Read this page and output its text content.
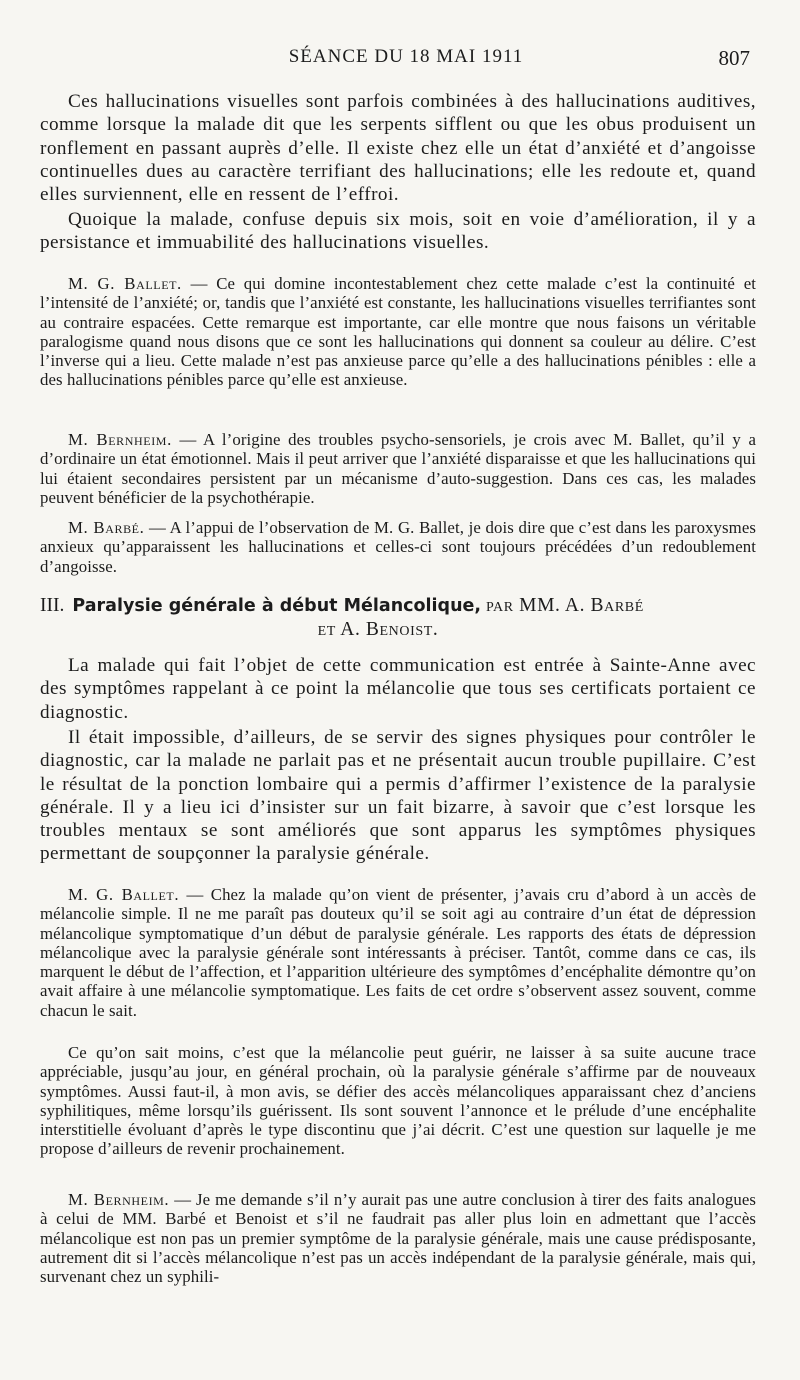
SÉANCE DU 18 MAI 1911	807

Ces hallucinations visuelles sont parfois combinées à des hallucinations auditives, comme lorsque la malade dit que les serpents sifflent ou que les obus produisent un ronflement en passant auprès d’elle. Il existe chez elle un état d’anxiété et d’angoisse continuelles dues au caractère terrifiant des hallucinations; elle les redoute et, quand elles surviennent, elle en ressent de l’effroi.

Quoique la malade, confuse depuis six mois, soit en voie d’amélioration, il y a persistance et immuabilité des hallucinations visuelles.

M. G. Ballet. — Ce qui domine incontestablement chez cette malade c’est la continuité et l’intensité de l’anxiété; or, tandis que l’anxiété est constante, les hallucinations visuelles terrifiantes sont au contraire espacées. Cette remarque est importante, car elle montre que nous faisons un véritable paralogisme quand nous disons que ce sont les hallucinations qui donnent sa couleur au délire. C’est l’inverse qui a lieu. Cette malade n’est pas anxieuse parce qu’elle a des hallucinations pénibles : elle a des hallucinations pénibles parce qu’elle est anxieuse.

M. Bernheim. — A l’origine des troubles psycho-sensoriels, je crois avec M. Ballet, qu’il y a d’ordinaire un état émotionnel. Mais il peut arriver que l’anxiété disparaisse et que les hallucinations qui lui étaient secondaires persistent par un mécanisme d’auto-suggestion. Dans ces cas, les malades peuvent bénéficier de la psychothérapie.

M. Barbé. — A l’appui de l’observation de M. G. Ballet, je dois dire que c’est dans les paroxysmes anxieux qu’apparaissent les hallucinations et celles-ci sont toujours précédées d’un redoublement d’angoisse.

III. Paralysie générale à début Mélancolique, par MM. A. Barbé
et A. Benoist.

La malade qui fait l’objet de cette communication est entrée à Sainte-Anne avec des symptômes rappelant à ce point la mélancolie que tous ses certificats portaient ce diagnostic.

Il était impossible, d’ailleurs, de se servir des signes physiques pour contrôler le diagnostic, car la malade ne parlait pas et ne présentait aucun trouble pupillaire. C’est le résultat de la ponction lombaire qui a permis d’affirmer l’existence de la paralysie générale. Il y a lieu ici d’insister sur un fait bizarre, à savoir que c’est lorsque les troubles mentaux se sont améliorés que sont apparus les symptômes physiques permettant de soupçonner la paralysie générale.

M. G. Ballet. — Chez la malade qu’on vient de présenter, j’avais cru d’abord à un accès de mélancolie simple. Il ne me paraît pas douteux qu’il se soit agi au contraire d’un état de dépression mélancolique symptomatique d’un début de paralysie générale. Les rapports des états de dépression mélancolique avec la paralysie générale sont intéressants à préciser. Tantôt, comme dans ce cas, ils marquent le début de l’affection, et l’apparition ultérieure des symptômes d’encéphalite démontre qu’on avait affaire à une mélancolie symptomatique. Les faits de cet ordre s’observent assez souvent, comme chacun le sait.

Ce qu’on sait moins, c’est que la mélancolie peut guérir, ne laisser à sa suite aucune trace appréciable, jusqu’au jour, en général prochain, où la paralysie générale s’affirme par de nouveaux symptômes. Aussi faut-il, à mon avis, se défier des accès mélancoliques apparaissant chez d’anciens syphilitiques, même lorsqu’ils guérissent. Ils sont souvent l’annonce et le prélude d’une encéphalite interstitielle évoluant d’après le type discontinu que j’ai décrit. C’est une question sur laquelle je me propose d’ailleurs de revenir prochainement.

M. Bernheim. — Je me demande s’il n’y aurait pas une autre conclusion à tirer des faits analogues à celui de MM. Barbé et Benoist et s’il ne faudrait pas aller plus loin en admettant que l’accès mélancolique est non pas un premier symptôme de la paralysie générale, mais une cause prédisposante, autrement dit si l’accès mélancolique n’est pas un accès indépendant de la paralysie générale, mais qui, survenant chez un syphili-
